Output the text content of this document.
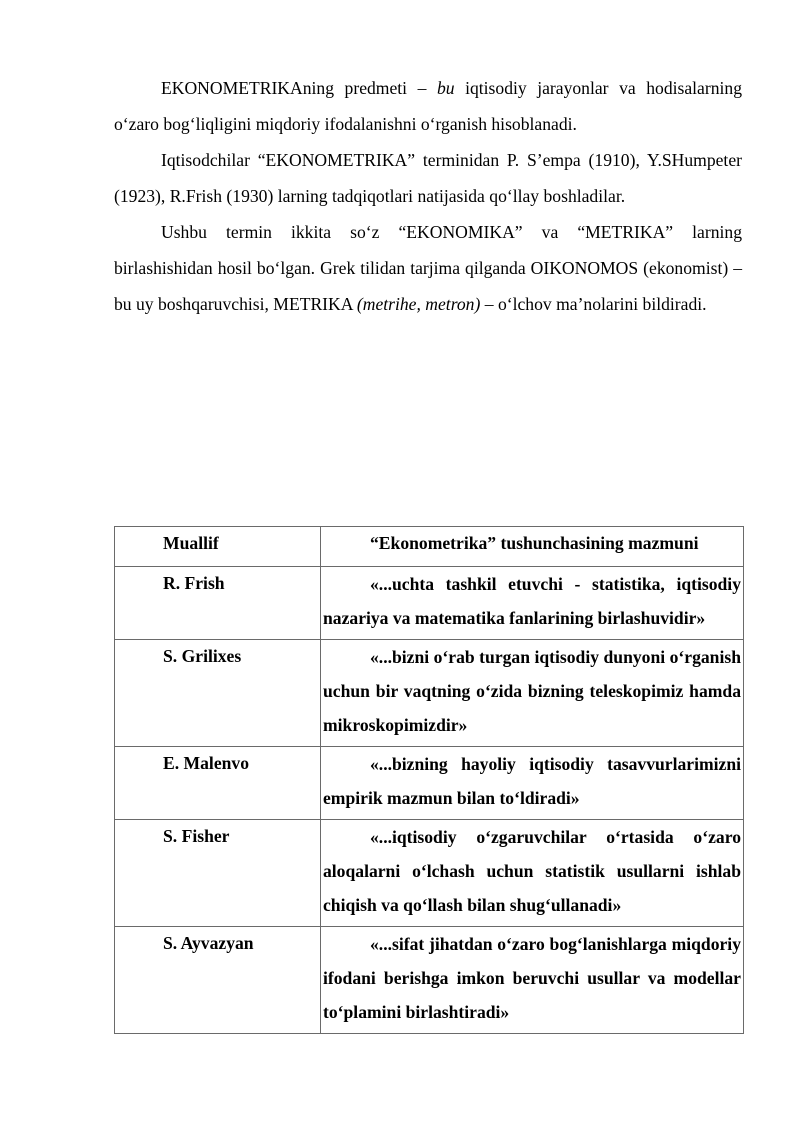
EKONOMETRIKAning predmeti – bu iqtisodiy jarayonlar va hodisalarning o‘zaro bog‘liqligini miqdoriy ifodalanishni o‘rganish hisoblanadi.

Iqtisodchilar “EKONOMETRIKA” terminidan P. S’empa (1910), Y.SHumpeter (1923), R.Frish (1930) larning tadqiqotlari natijasida qo‘llay boshladilar.

Ushbu termin ikkita so‘z “EKONOMIKA” va “METRIKA” larning birlashishidan hosil bo‘lgan. Grek tilidan tarjima qilganda OIKONOMOS (ekonomist) – bu uy boshqaruvchisi, METRIKA (metrihe, metron) – o‘lchov ma’nolarini bildiradi.

Muallif	“Ekonometrika” tushunchasining mazmuni
R. Frish	«...uchta tashkil etuvchi - statistika, iqtisodiy nazariya va matematika fanlarining birlashuvidir»
S. Grilixes	«...bizni o‘rab turgan iqtisodiy dunyoni o‘rganish uchun bir vaqtning o‘zida bizning teleskopimiz hamda mikroskopimizdir»
E. Malenvo	«...bizning hayoliy iqtisodiy tasavvurlarimizni empirik mazmun bilan to‘ldiradi»
S. Fisher	«...iqtisodiy o‘zgaruvchilar o‘rtasida o‘zaro aloqalarni o‘lchash uchun statistik usullarni ishlab chiqish va qo‘llash bilan shug‘ullanadi»
S. Ayvazyan	«...sifat jihatdan o‘zaro bog‘lanishlarga miqdoriy ifodani berishga imkon beruvchi usullar va modellar to‘plamini birlashtiradi»
